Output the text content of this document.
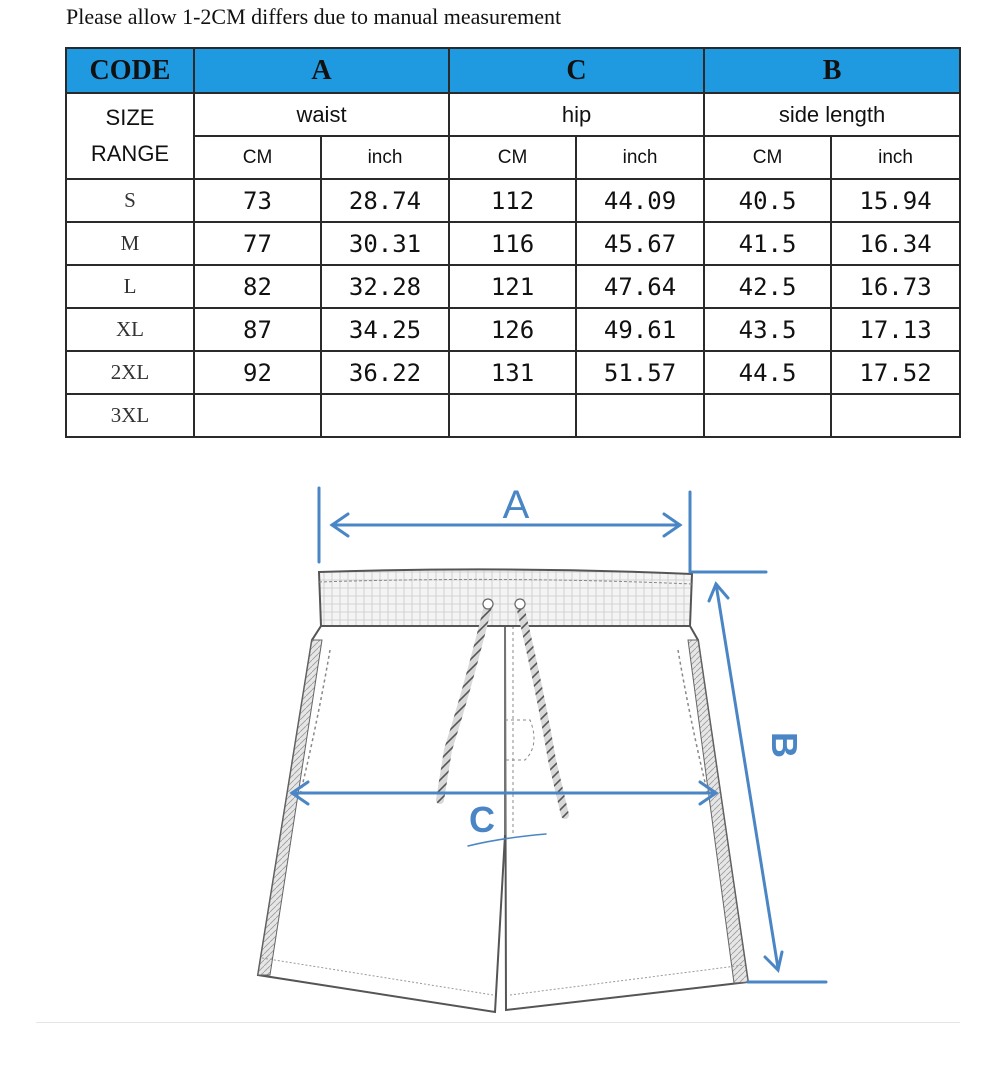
Please allow 1-2CM differs due to manual measurement
CODE	A		C		B	
SIZE
RANGE	waist		hip		side length	
	CM	inch	CM	inch	CM	inch
S	73	28.74	112	44.09	40.5	15.94
M	77	30.31	116	45.67	41.5	16.34
L	82	32.28	121	47.64	42.5	16.73
XL	87	34.25	126	49.61	43.5	17.13
2XL	92	36.22	131	51.57	44.5	17.52
3XL						
A
C
B
